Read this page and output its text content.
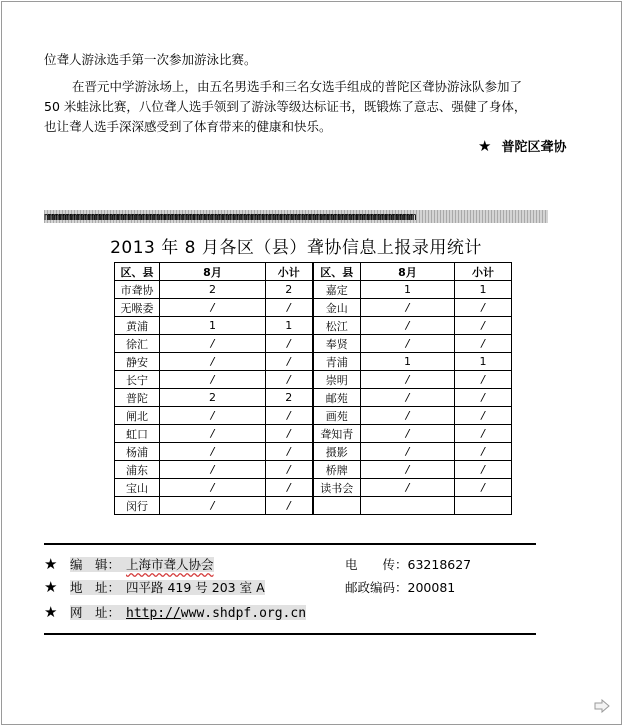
位聋人游泳选手第一次参加游泳比赛。
在晋元中学游泳场上，由五名男选手和三名女选手组成的普陀区聋协游泳队参加了
50 米蛙泳比赛，八位聋人选手领到了游泳等级达标证书，既锻炼了意志、强健了身体，
也让聋人选手深深感受到了体育带来的健康和快乐。
★ 普陀区聋协
mmmmmmmmmmmmmmmmmmmmmmmmmmmmmmmmmmmmmmmmmmmmmmmmmmmmmmmmmmmmmmmmmmmmmmmmmmmmmmmmmmmmmmmmmmmmmmmmmmmmmm
2013 年 8 月各区（县）聋协信息上报录用统计
区、县	8月	小计	区、县	8月	小计
市聋协	2	2	嘉定	1	1
无喉委	/	/	金山	/	/
黄浦	1	1	松江	/	/
徐汇	/	/	奉贤	/	/
静安	/	/	青浦	1	1
长宁	/	/	崇明	/	/
普陀	2	2	邮苑	/	/
闸北	/	/	画苑	/	/
虹口	/	/	聋知青	/	/
杨浦	/	/	摄影	/	/
浦东	/	/	桥牌	/	/
宝山	/	/	读书会	/	/
闵行	/	/			
★ 编　辑： 上海市聋人协会	电　　传：63218627
★ 地　址： 四平路 419 号 203 室 A	邮政编码：200081
★ 网　址： http://www.shdpf.org.cn
